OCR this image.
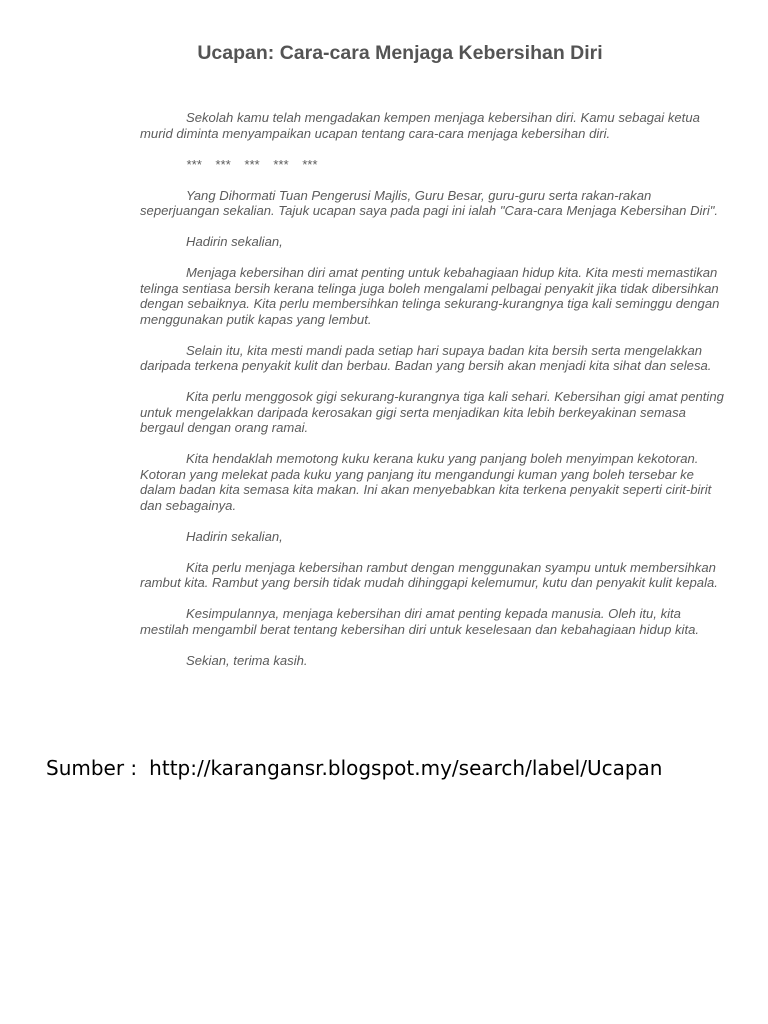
Ucapan: Cara-cara Menjaga Kebersihan Diri

Sekolah kamu telah mengadakan kempen menjaga kebersihan diri. Kamu sebagai ketua murid diminta menyampaikan ucapan tentang cara-cara menjaga kebersihan diri.

*** *** *** *** ***

Yang Dihormati Tuan Pengerusi Majlis, Guru Besar, guru-guru serta rakan-rakan seperjuangan sekalian. Tajuk ucapan saya pada pagi ini ialah "Cara-cara Menjaga Kebersihan Diri".

Hadirin sekalian,

Menjaga kebersihan diri amat penting untuk kebahagiaan hidup kita. Kita mesti memastikan telinga sentiasa bersih kerana telinga juga boleh mengalami pelbagai penyakit jika tidak dibersihkan dengan sebaiknya. Kita perlu membersihkan telinga sekurang-kurangnya tiga kali seminggu dengan menggunakan putik kapas yang lembut.

Selain itu, kita mesti mandi pada setiap hari supaya badan kita bersih serta mengelakkan daripada terkena penyakit kulit dan berbau. Badan yang bersih akan menjadi kita sihat dan selesa.

Kita perlu menggosok gigi sekurang-kurangnya tiga kali sehari. Kebersihan gigi amat penting untuk mengelakkan daripada kerosakan gigi serta menjadikan kita lebih berkeyakinan semasa bergaul dengan orang ramai.

Kita hendaklah memotong kuku kerana kuku yang panjang boleh menyimpan kekotoran. Kotoran yang melekat pada kuku yang panjang itu mengandungi kuman yang boleh tersebar ke dalam badan kita semasa kita makan. Ini akan menyebabkan kita terkena penyakit seperti cirit-birit dan sebagainya.

Hadirin sekalian,

Kita perlu menjaga kebersihan rambut dengan menggunakan syampu untuk membersihkan rambut kita. Rambut yang bersih tidak mudah dihinggapi kelemumur, kutu dan penyakit kulit kepala.

Kesimpulannya, menjaga kebersihan diri amat penting kepada manusia. Oleh itu, kita mestilah mengambil berat tentang kebersihan diri untuk keselesaan dan kebahagiaan hidup kita.

Sekian, terima kasih.

Sumber : http://karangansr.blogspot.my/search/label/Ucapan
